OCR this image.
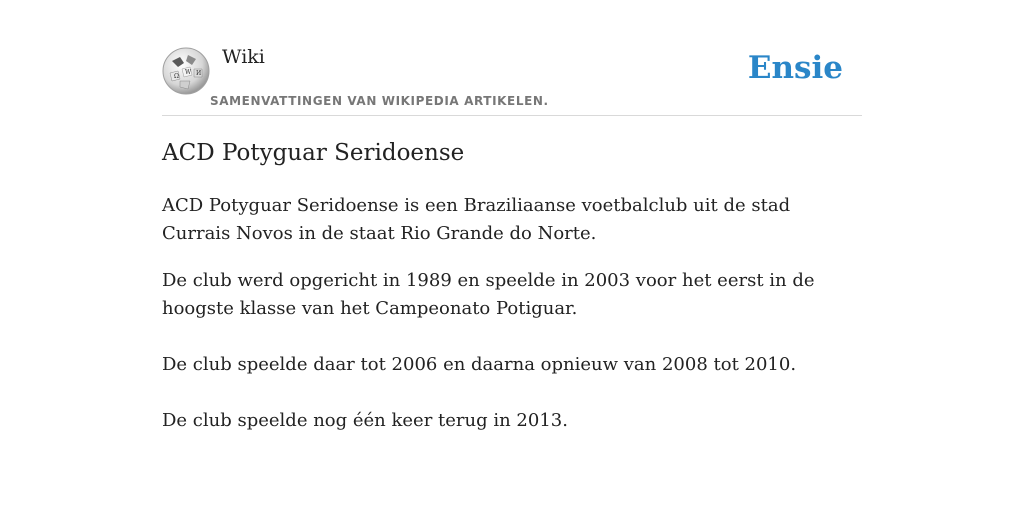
Ω
W И
Wiki
SAMENVATTINGEN VAN WIKIPEDIA ARTIKELEN.
Ensie
ACD Potyguar Seridoense

ACD Potyguar Seridoense is een Braziliaanse voetbalclub uit de stad Currais Novos in de staat Rio Grande do Norte.

De club werd opgericht in 1989 en speelde in 2003 voor het eerst in de hoogste klasse van het Campeonato Potiguar.

De club speelde daar tot 2006 en daarna opnieuw van 2008 tot 2010.

De club speelde nog één keer terug in 2013.
